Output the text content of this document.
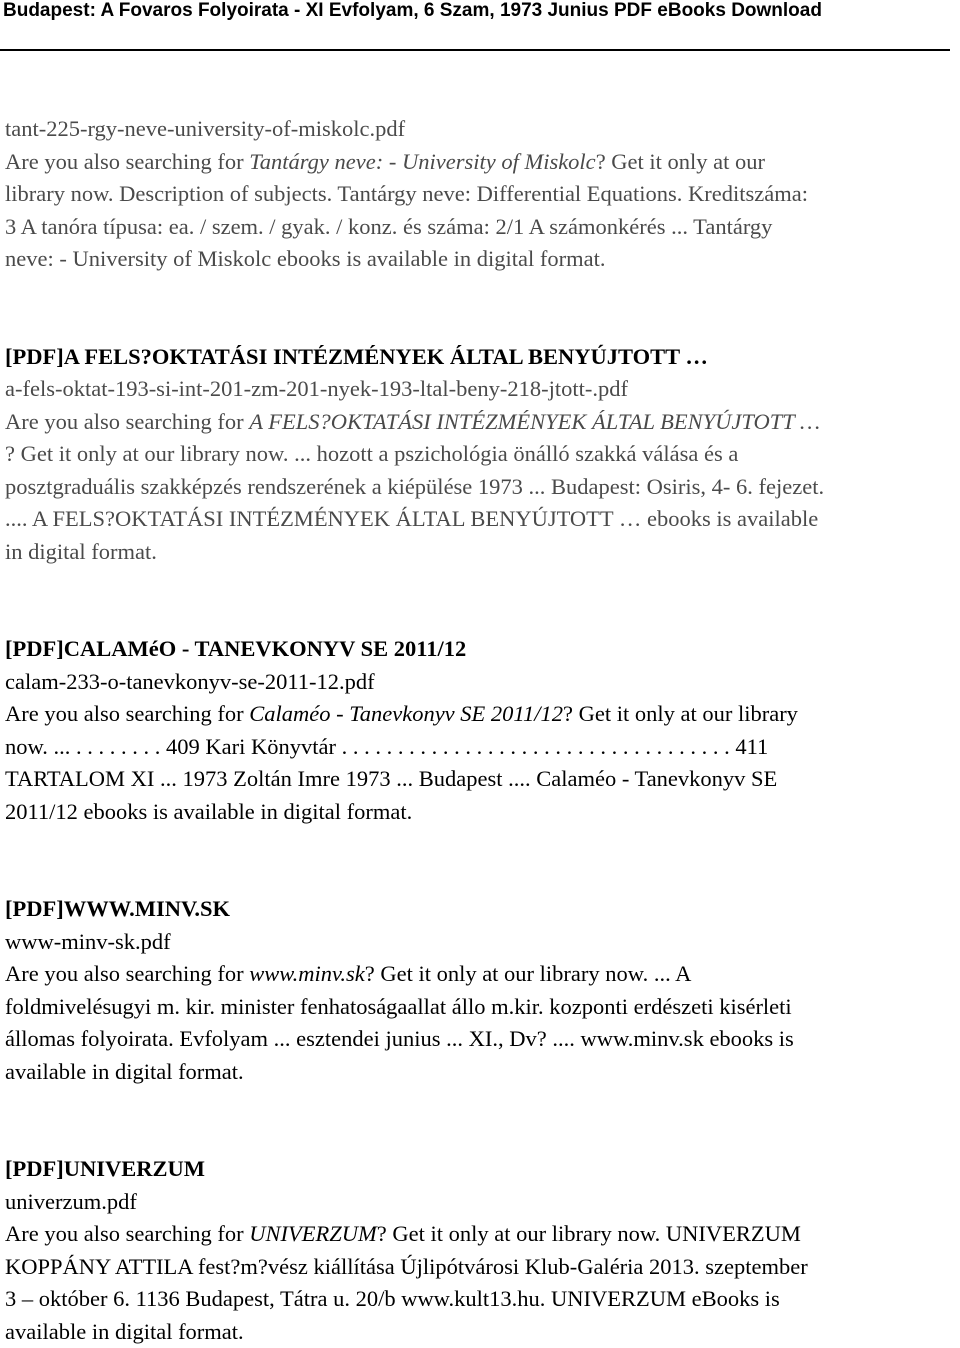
Budapest: A Fovaros Folyoirata - XI Evfolyam, 6 Szam, 1973 Junius PDF eBooks Download
tant-225-rgy-neve-university-of-miskolc.pdf
Are you also searching for Tantárgy neve: - University of Miskolc? Get it only at our
library now. Description of subjects. Tantárgy neve: Differential Equations. Kreditszáma:
3 A tanóra típusa: ea. / szem. / gyak. / konz. és száma: 2/1 A számonkérés ... Tantárgy
neve: - University of Miskolc ebooks is available in digital format.
[PDF]A FELS?OKTATÁSI INTÉZMÉNYEK ÁLTAL BENYÚJTOTT …
a-fels-oktat-193-si-int-201-zm-201-nyek-193-ltal-beny-218-jtott-.pdf
Are you also searching for A FELS?OKTATÁSI INTÉZMÉNYEK ÁLTAL BENYÚJTOTT …
? Get it only at our library now. ... hozott a pszichológia önálló szakká válása és a
posztgraduális szakképzés rendszerének a kiépülése 1973 ... Budapest: Osiris, 4- 6. fejezet.
.... A FELS?OKTATÁSI INTÉZMÉNYEK ÁLTAL BENYÚJTOTT … ebooks is available
in digital format.
[PDF]CALAMéO - TANEVKONYV SE 2011/12
calam-233-o-tanevkonyv-se-2011-12.pdf
Are you also searching for Calaméo - Tanevkonyv SE 2011/12? Get it only at our library
now. ... . . . . . . . . 409 Kari Könyvtár . . . . . . . . . . . . . . . . . . . . . . . . . . . . . . . . . . . 411
TARTALOM XI ... 1973 Zoltán Imre 1973 ... Budapest .... Calaméo - Tanevkonyv SE
2011/12 ebooks is available in digital format.
[PDF]WWW.MINV.SK
www-minv-sk.pdf
Are you also searching for www.minv.sk? Get it only at our library now. ... A
foldmivelésugyi m. kir. minister fenhatoságaallat állo m.kir. kozponti erdészeti kisérleti
állomas folyoirata. Evfolyam ... esztendei junius ... XI., Dv? .... www.minv.sk ebooks is
available in digital format.
[PDF]UNIVERZUM
univerzum.pdf
Are you also searching for UNIVERZUM? Get it only at our library now. UNIVERZUM
KOPPÁNY ATTILA fest?m?vész kiállítása Újlipótvárosi Klub-Galéria 2013. szeptember
3 – október 6. 1136 Budapest, Tátra u. 20/b www.kult13.hu. UNIVERZUM eBooks is
available in digital format.
